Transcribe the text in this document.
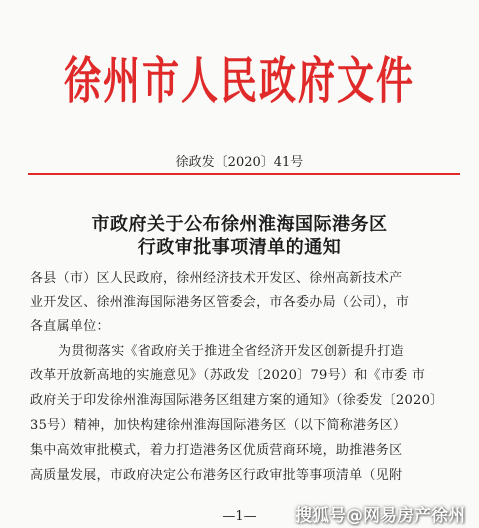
徐州市人民政府文件
徐政发〔2020〕41号
市政府关于公布徐州淮海国际港务区
行政审批事项清单的通知
各县（市）区人民政府，徐州经济技术开发区、徐州高新技术产
业开发区、徐州淮海国际港务区管委会，市各委办局（公司），市
各直属单位：
为贯彻落实《省政府关于推进全省经济开发区创新提升打造
改革开放新高地的实施意见》（苏政发〔2020〕79号）和《市委 市
政府关于印发徐州淮海国际港务区组建方案的通知》（徐委发〔2020〕
35号）精神，加快构建徐州淮海国际港务区（以下简称港务区）
集中高效审批模式，着力打造港务区优质营商环境，助推港务区
高质量发展，市政府决定公布港务区行政审批等事项清单（见附
—1—	搜狐号@网易房产徐州
